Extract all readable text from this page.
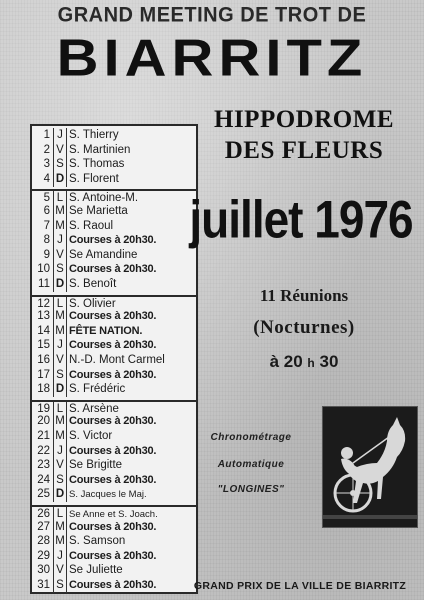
GRAND MEETING DE TROT DE
BIARRITZ
1 J S. Thierry
2 V S. Martinien
3 S S. Thomas
4 D S. Florent
5 L S. Antoine-M.
6 M Se Marietta
7 M S. Raoul
8 J Courses à 20h30.
9 V Se Amandine
10 S Courses à 20h30.
11 D S. Benoît
12 L S. Olivier
13 M Courses à 20h30.
14 M FÊTE NATION.
15 J Courses à 20h30.
16 V N.-D. Mont Carmel
17 S Courses à 20h30.
18 D S. Frédéric
19 L S. Arsène
20 M Courses à 20h30.
21 M S. Victor
22 J Courses à 20h30.
23 V Se Brigitte
24 S Courses à 20h30.
25 D S. Jacques le Maj.
26 L Se Anne et S. Joach.
27 M Courses à 20h30.
28 M S. Samson
29 J Courses à 20h30.
30 V Se Juliette
31 S Courses à 20h30.
HIPPODROME
DES FLEURS
juillet 1976
11 Réunions
(Nocturnes)
à 20 h 30
Chronométrage
Automatique
"LONGINES"
GRAND PRIX DE LA VILLE DE BIARRITZ
